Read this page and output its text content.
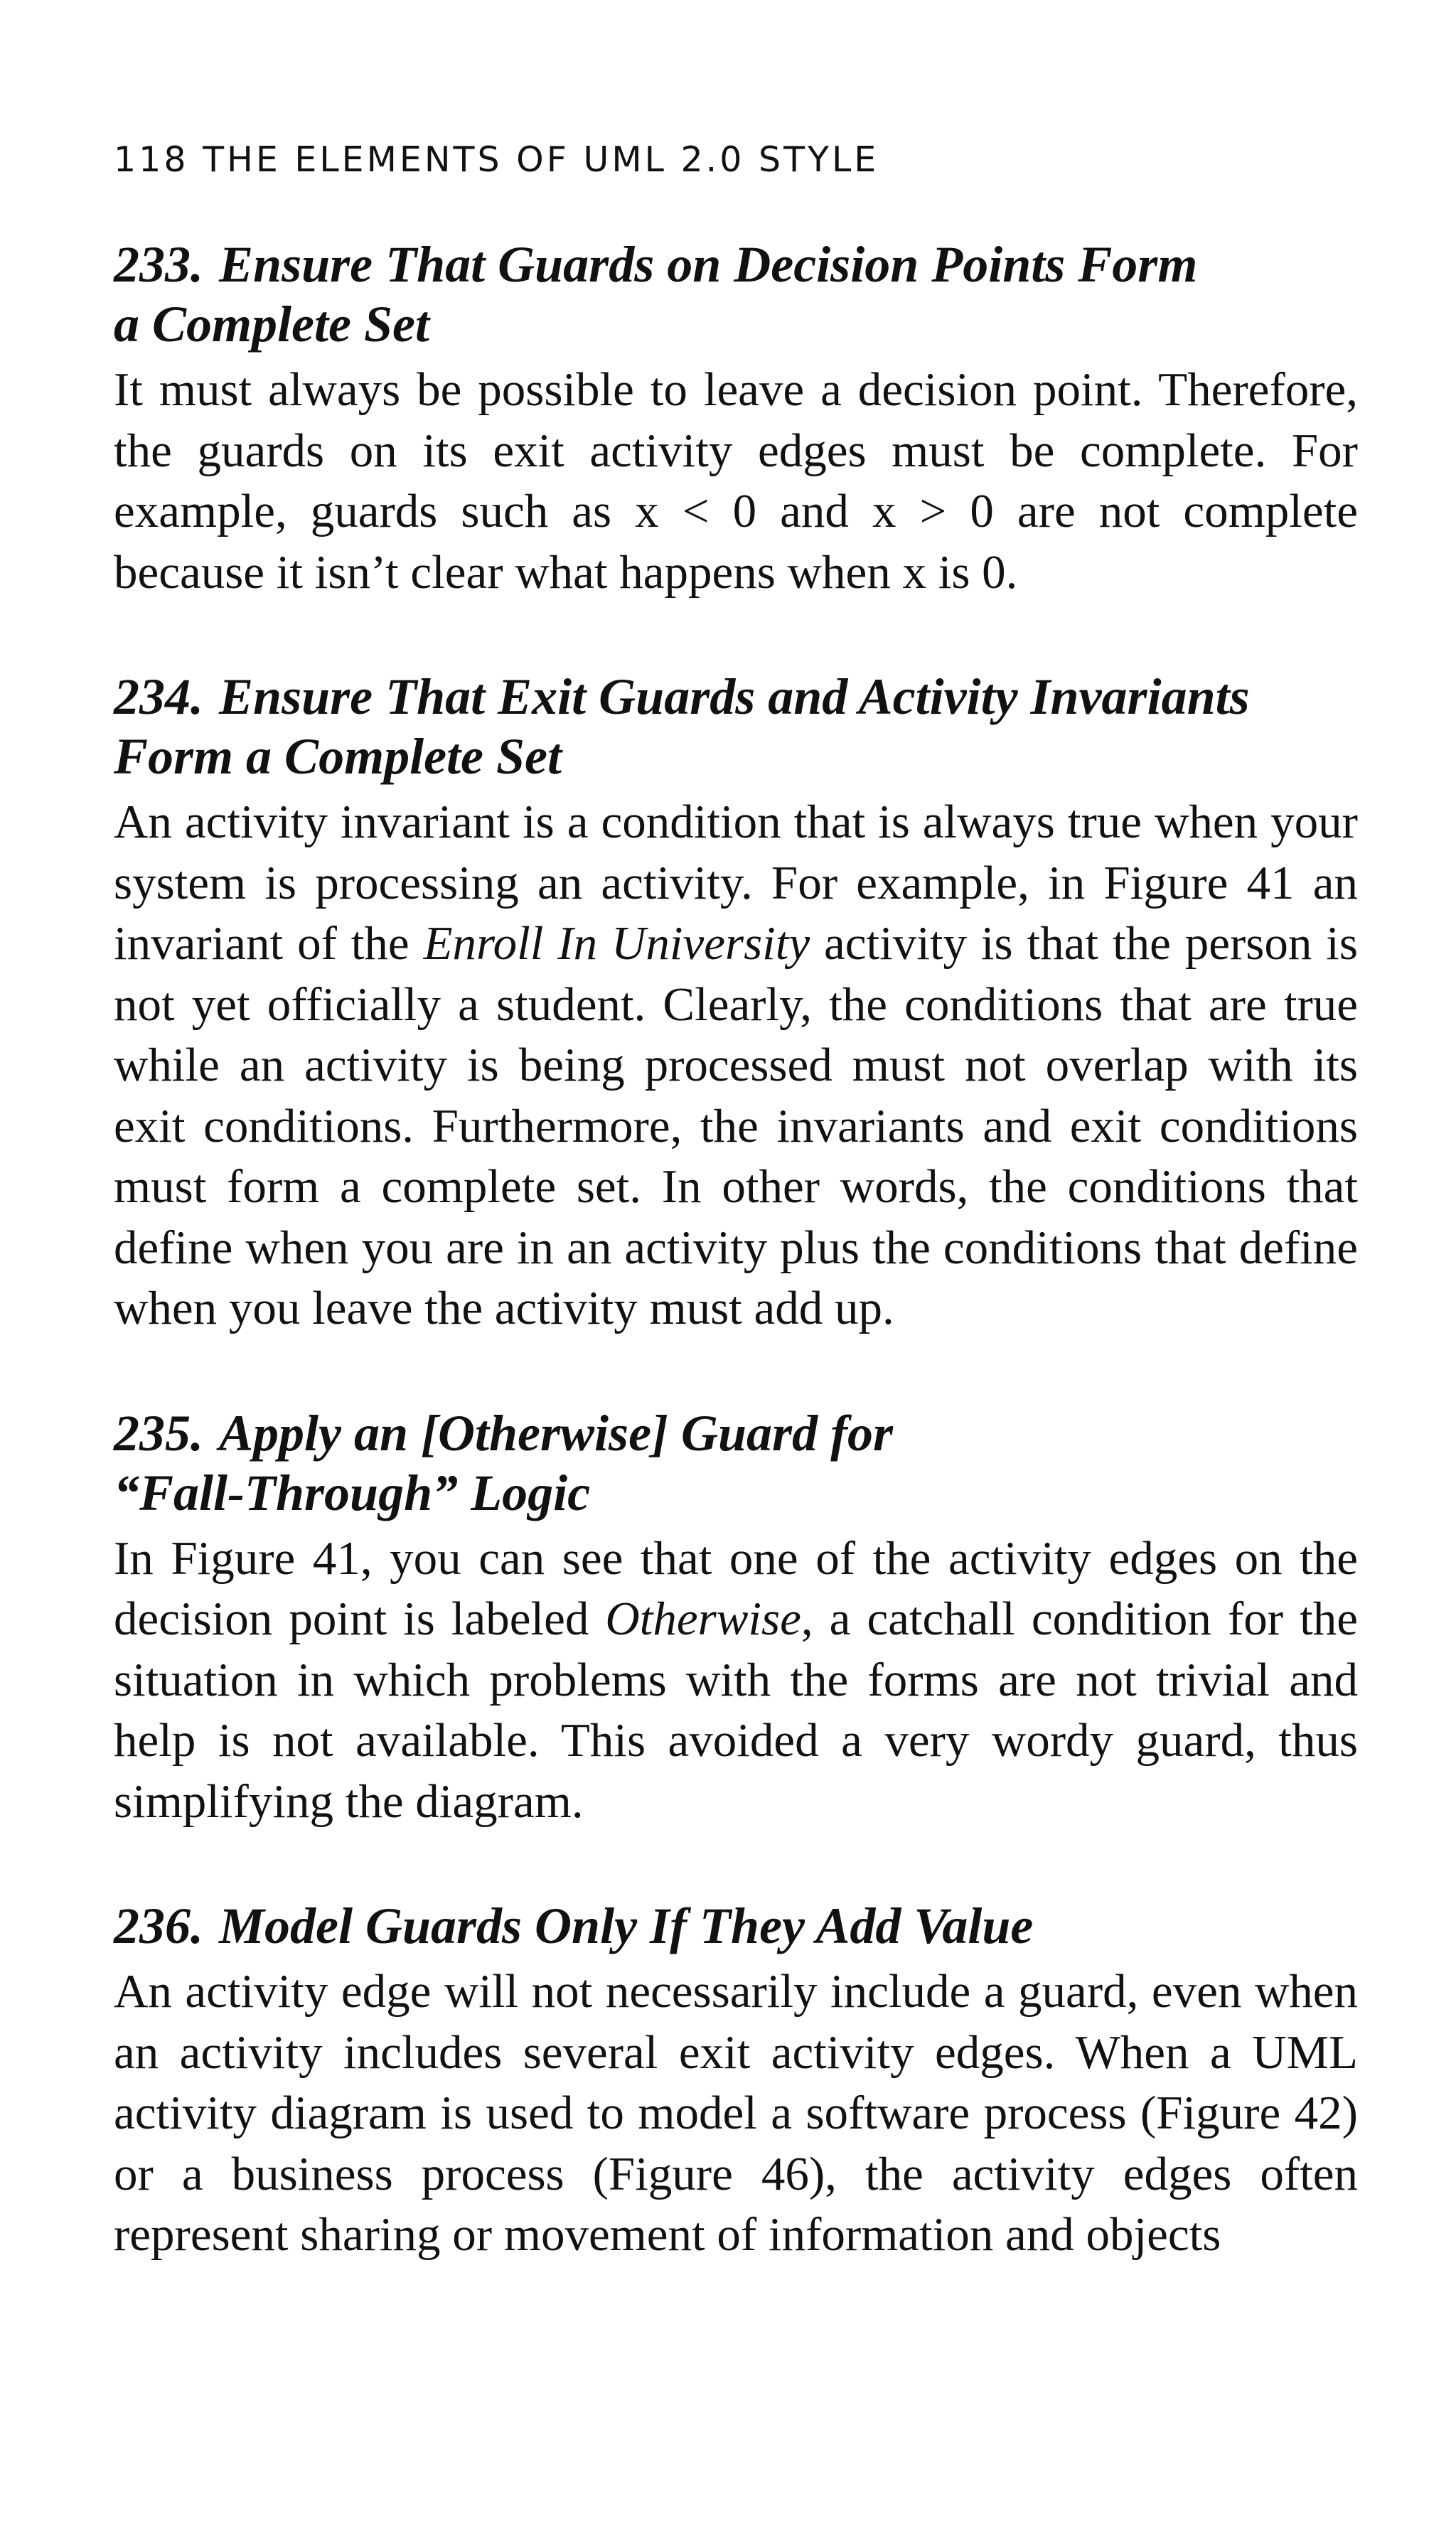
118 THE ELEMENTS OF UML 2.0 STYLE
233. Ensure That Guards on Decision Points Form
a Complete Set

It must always be possible to leave a decision point. Therefore, the guards on its exit activity edges must be complete. For example, guards such as x < 0 and x > 0 are not complete because it isn’t clear what happens when x is 0.

234. Ensure That Exit Guards and Activity Invariants
Form a Complete Set

An activity invariant is a condition that is always true when your system is processing an activity. For example, in Figure 41 an invariant of the Enroll In University activity is that the person is not yet officially a student. Clearly, the conditions that are true while an activity is being processed must not overlap with its exit conditions. Furthermore, the invariants and exit conditions must form a complete set. In other words, the conditions that define when you are in an activity plus the conditions that define when you leave the activity must add up.

235. Apply an [Otherwise] Guard for
“Fall-Through” Logic

In Figure 41, you can see that one of the activity edges on the decision point is labeled Otherwise, a catchall condition for the situation in which problems with the forms are not trivial and help is not available. This avoided a very wordy guard, thus simplifying the diagram.

236. Model Guards Only If They Add Value

An activity edge will not necessarily include a guard, even when an activity includes several exit activity edges. When a UML activity diagram is used to model a software process (Figure 42) or a business process (Figure 46), the activity edges often represent sharing or movement of information and objects
